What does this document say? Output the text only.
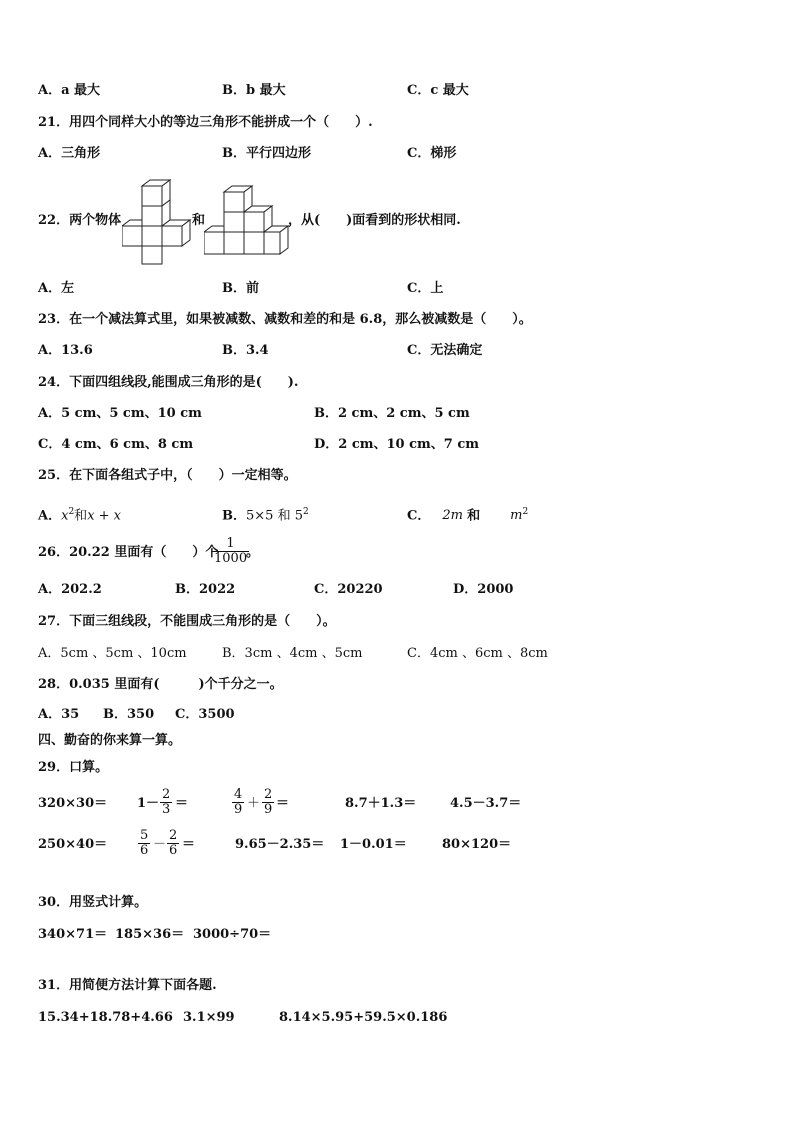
A．a 最大	B．b 最大	C．c 最大
21．用四个同样大小的等边三角形不能拼成一个（　　）.
A．三角形	B．平行四边形	C．梯形
22．两个物体	和	，从(　　)面看到的形状相同.
A．左	B．前	C．上
23．在一个减法算式里，如果被减数、减数和差的和是 6.8，那么被减数是（　　）。
A．13.6	B．3.4	C．无法确定
24．下面四组线段,能围成三角形的是(　　).
A．5 cm、5 cm、10 cm	B．2 cm、2 cm、5 cm
C．4 cm、6 cm、8 cm	D．2 cm、10 cm、7 cm
25．在下面各组式子中，（　　）一定相等。
A．$x^2$和x + x	B．5×5 和 $5^2$	C． 2m 和 $m^2$
26．20.22 里面有（　　）个
$\frac{1}{1000}$
。
A．202.2	B．2022	C．20220	D．2000
27．下面三组线段，不能围成三角形的是（　　）。
A．5cm 、5cm 、10cm	B．3cm 、4cm 、5cm	C．4cm 、6cm 、8cm
28．0.035 里面有(　　　)个千分之一。
A．35 B．350 C．3500
四、勤奋的你来算一算。
29．口算。
$320\times 30= 1- \frac{2}{3}$ ＝	$\frac{4}{9} + \frac{2}{9}$ ＝	8.7＋1.3＝	4.5－3.7＝
$250\times 40= \frac{5}{6} - \frac{2}{6}$ ＝	9.65－2.35＝ 1－0.01＝	80×120＝
30．用竖式计算。
340×71＝ 185×36＝ 3000÷70＝
31．用简便方法计算下面各题.
15.34+18.78+4.66 3.1×99	8.14×5.95+59.5×0.186
